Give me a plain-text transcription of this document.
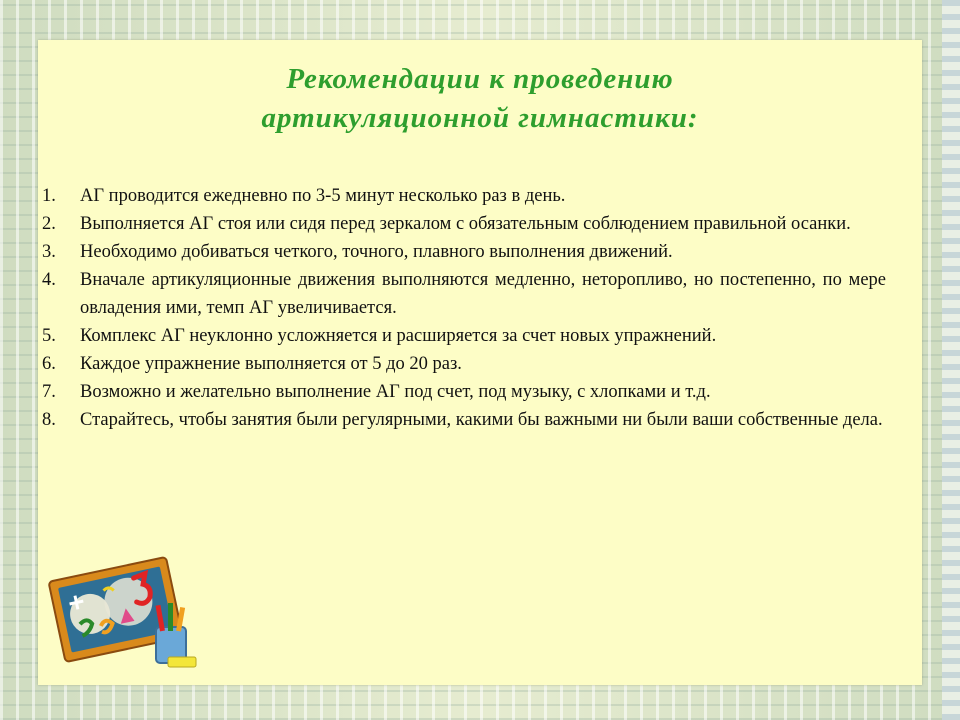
Рекомендации к проведению
артикуляционной гимнастики:
1. АГ проводится ежедневно по 3-5 минут несколько раз в день.
2. Выполняется АГ стоя или сидя перед зеркалом с обязательным соблюдением правильной осанки.
3. Необходимо добиваться четкого, точного, плавного выполнения движений.
4. Вначале артикуляционные движения выполняются медленно, неторопливо, но постепенно, по мере овладения ими, темп АГ увеличивается.
5. Комплекс АГ неуклонно усложняется и расширяется за счет новых упражнений.
6. Каждое упражнение выполняется от 5 до 20 раз.
7. Возможно и желательно выполнение АГ под счет, под музыку, с хлопками и т.д.
8. Старайтесь, чтобы занятия были регулярными, какими бы важными ни были ваши собственные дела.
